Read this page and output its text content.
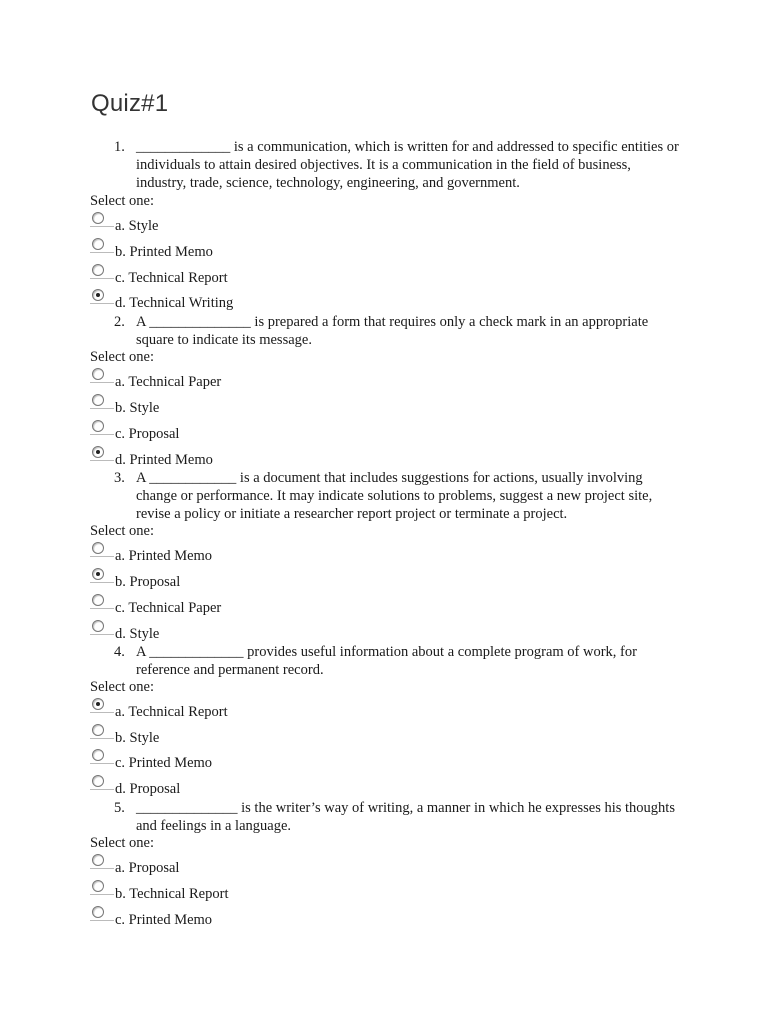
Quiz#1
1. _____________ is a communication, which is written for and addressed to specific entities or individuals to attain desired objectives. It is a communication in the field of business, industry, trade, science, technology, engineering, and government.
Select one:
a. Style
b. Printed Memo
c. Technical Report
d. Technical Writing
2. A ______________ is prepared a form that requires only a check mark in an appropriate square to indicate its message.
Select one:
a. Technical Paper
b. Style
c. Proposal
d. Printed Memo
3. A ____________ is a document that includes suggestions for actions, usually involving change or performance. It may indicate solutions to problems, suggest a new project site, revise a policy or initiate a researcher report project or terminate a project.
Select one:
a. Printed Memo
b. Proposal
c. Technical Paper
d. Style
4. A _____________ provides useful information about a complete program of work, for reference and permanent record.
Select one:
a. Technical Report
b. Style
c. Printed Memo
d. Proposal
5. ______________ is the writer’s way of writing, a manner in which he expresses his thoughts and feelings in a language.
Select one:
a. Proposal
b. Technical Report
c. Printed Memo
